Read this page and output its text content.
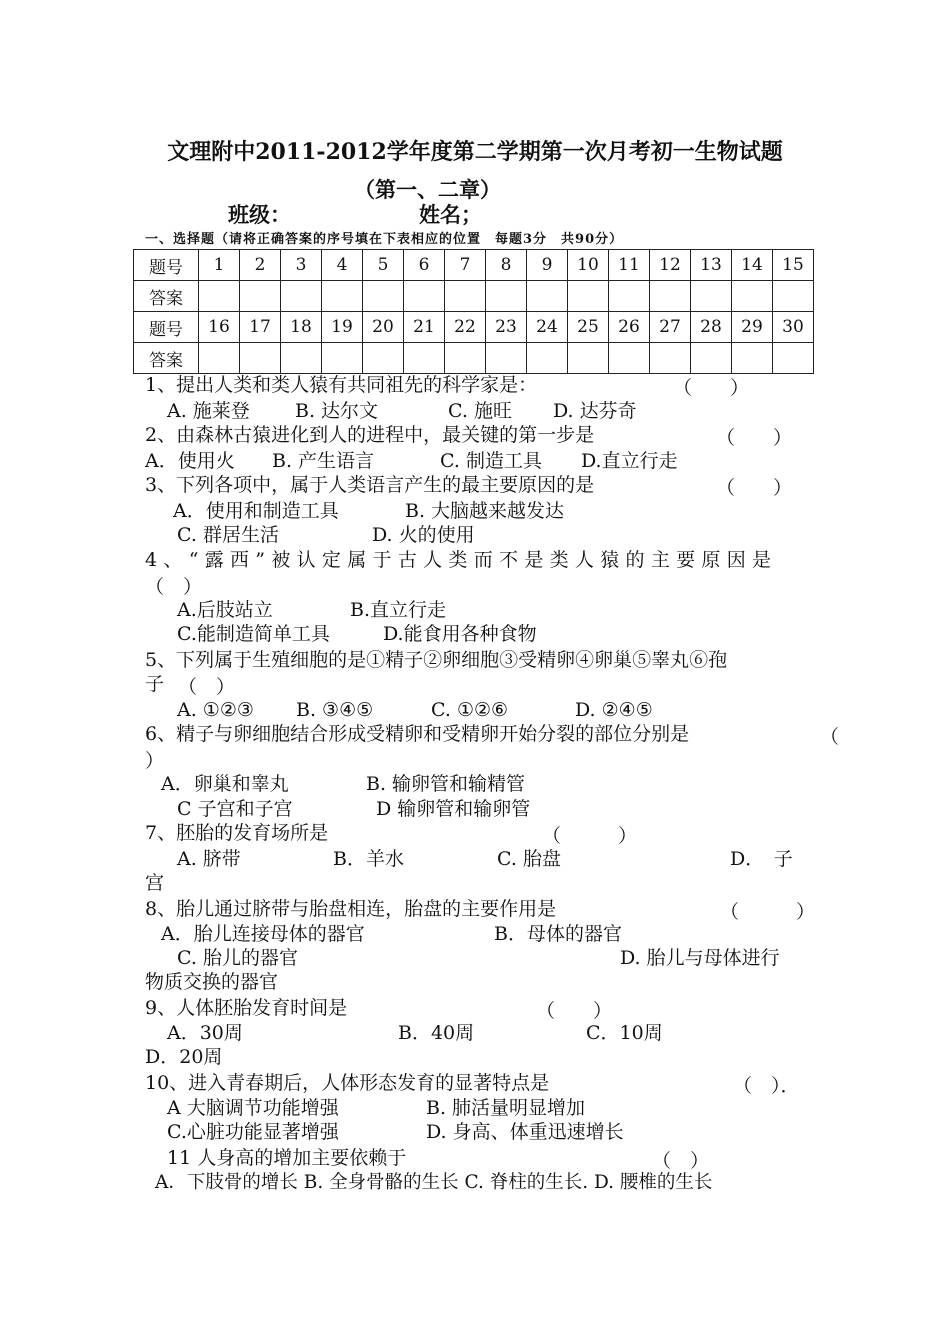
文理附中2011-2012学年度第二学期第一次月考初一生物试题
（第一、二章）
班级：	姓名；
一、选择题（请将正确答案的序号填在下表相应的位置　每题3分　共90分）
题号	1	2	3	4	5	6	7	8	9	10	11	12	13	14	15
答案															
题号	16	17	18	19	20	21	22	23	24	25	26	27	28	29	30
答案															
1、提出人类和类人猿有共同祖先的科学家是：	（　　）
A. 施莱登 B. 达尔文	C. 施旺 D. 达芬奇
2、由森林古猿进化到人的进程中，最关键的第一步是	（　　）
A．使用火 B. 产生语言	C. 制造工具 D.直立行走
3、下列各项中，属于人类语言产生的最主要原因的是	（　　）
A．使用和制造工具	B. 大脑越来越发达
C. 群居生活	D. 火的使用
4、“露西”被认定属于古人类而不是类人猿的主要原因是
（　）
A.后肢站立	B.直立行走
C.能制造简单工具	D.能食用各种食物
5、下列属于生殖细胞的是①精子②卵细胞③受精卵④卵巢⑤睾丸⑥孢
子 （　）
A. ①②③ B. ③④⑤	C. ①②⑥	D. ②④⑤
6、精子与卵细胞结合形成受精卵和受精卵开始分裂的部位分别是	（
）
A．卵巢和睾丸	B. 输卵管和输精管
C 子宫和子宫	D 输卵管和输卵管
7、胚胎的发育场所是	（　　　）
A. 脐带	B．羊水	C. 胎盘	D．　子
宫
8、胎儿通过脐带与胎盘相连，胎盘的主要作用是	（　　　）
A．胎儿连接母体的器官	B．母体的器官
C. 胎儿的器官	D. 胎儿与母体进行
物质交换的器官
9、人体胚胎发育时间是	（　　）
A．30周	B．40周	C．10周
D．20周
10、进入青春期后，人体形态发育的显著特点是	（　）．
A 大脑调节功能增强	B. 肺活量明显增加
C.心脏功能显著增强	D. 身高、体重迅速增长
11 人身高的增加主要依赖于	（　）
A．下肢骨的增长 B. 全身骨骼的生长 C. 脊柱的生长. D. 腰椎的生长
